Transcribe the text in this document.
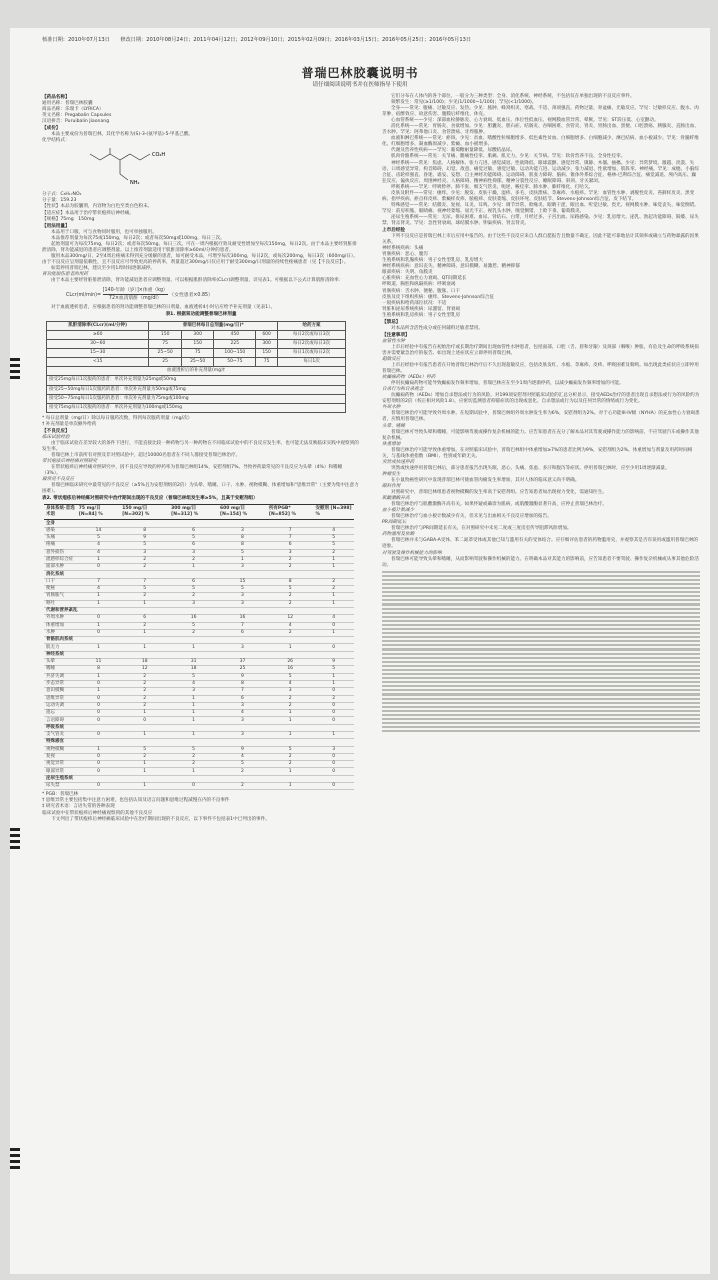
核准日期：2010年07月13日　　修改日期：2010年08月24日；2011年04月12日；2012年09月10日；2015年02月09日；2016年03月15日；2016年05月25日；2016年05月13日
普瑞巴林胶囊说明书
请仔细阅读说明书并在医师指导下使用

【药品名称】

通用名称：普瑞巴林胶囊

商品名称：乐瑞卡（LYRICA）

英文名称：Pregabalin Capsules

汉语拼音：Puruibalin Jiaonang

【成份】

本品主要成份为普瑞巴林，其化学名称为(S)-3-(氨甲基)-5-甲基己酸。

化学结构式：

NH₂
CO₂H

分子式：C₈H₁₇NO₂

分子量：159.23

【性状】本品为胶囊剂，内容物为白色至类白色粉末。

【适应症】本品用于治疗带状疱疹后神经痛。

【规格】75mg　150mg

【用法用量】

本品用于口服，可与食物同时服用，也可单独服用。

本品推荐剂量为每次75或150mg，每日2次；或者每次50mg或100mg，每日三次。

起始剂量可为每次75mg，每日2次；或者每次50mg，每日三次。可在一周内根据疗效及耐受性增加至每次150mg，每日2次。由于本品主要经肾脏排泄清除，肾功能减退的患者应调整剂量。以上推荐剂量适用于肌酐清除率≥60ml/分钟的患者。

服用本品300mg/日，2至4周后疼痛未得到充分缓解的患者，如可耐受本品，可增至每次300mg，每日2次，或每次200mg，每日3次（600mg/日）。由于不良反应呈剂量依赖性，且不良反应可导致更高的停药率，剂量超过300mg/日仅应用于耐受300mg/日剂量的持续性疼痛患者（见【不良反应】）。

如需停用普瑞巴林，建议至少用1周时间逐渐减停。

肾功能损伤患者的用药

由于本品主要经肾脏排泄清除，肾功能减退患者应调整剂量。可以根据肌酐清除率(CLcr)调整剂量，详见表1。可根据以下公式计算肌酐清除率：

CLcr(ml/min)= $\frac{\text{[140-年龄（岁）]×体重（kg）}}{\text{72×血清肌酐（mg/dl）}}$ （女性患者×0.85）

对于血液透析患者，应根据患者的肾功能调整普瑞巴林的日剂量。血液透析4小时后应给予补充剂量（见表1）。

表1. 根据肾功能调整普瑞巴林剂量

肌酐清除率(CLcr)(ml/分钟)	普瑞巴林每日总剂量(mg/日)*				给药方案
≥60	150	300	450	600	每日2次或每日3次
30~60	75	150	225	300	每日2次或每日3次
15~30	25~50	75	100~150	150	每日1次或每日2次
<15	25	25~50	50~75	75	每日1次
血液透析后的补充剂量(mg)†					
接受25mg每日1次服药的患者：单次补充剂量为25mg或50mg					
接受25~50mg每日1次服药的患者：单次补充剂量为50mg或75mg					
接受50~75mg每日1次服药的患者：单次补充剂量为75mg或100mg					
接受75mg每日1次服药的患者：单次补充剂量为100mg或150mg					

* 每日总剂量（mg/日）除以每日服药次数，得到每次服药剂量（mg/次）

† 补充剂量是单次额外给药

【不良反应】

临床试验经验

由于临床试验在差异较大的条件下进行，不能直接比较一种药物与另一种药物在不同临床试验中的不良反应发生率，也可能无法反映临床实践中观察到的发生率。

普瑞巴林上市前所有对照及非对照试验中，超过10000名患者在不同人群接受普瑞巴林治疗。

带状疱疹后神经痛对照研究

在带状疱疹后神经痛对照研究中，因不良反应导致的停药率为普瑞巴林组14%，安慰剂组7%。导致停药最常见的不良反应为头晕（4%）和嗜睡（3%）。

最常见不良反应

普瑞巴林临床研究中最常见的不良反应（≥5%且为安慰剂组的2倍）为头晕、嗜睡、口干、水肿、视物模糊、体重增加和"思维异常"（主要为集中注意力困难）。

表2. 带状疱疹后神经痛对照研究中治疗期间出现的不良反应（普瑞巴林组发生率≥5%，且高于安慰剂组）

身体系统·首选术语	75 mg/日 [N=84] %	150 mg/日 [N=302] %	300 mg/日 [N=312] %	600 mg/日 [N=154] %	所有PGB* [N=852] %	安慰剂 [N=398] %
全身						
感染	14	8	6	3	7	4
头痛	5	9	5	8	7	5
疼痛	4	5	6	8	6	5
意外损伤	4	3	3	5	3	2
流感样综合症	1	2	2	1	2	1
面部水肿	0	2	1	3	2	1
消化系统						
口干	7	7	6	15	8	2
便秘	4	5	5	5	5	2
胃肠胀气	1	2	2	3	2	1
呕吐	1	1	3	3	2	1
代谢和营养紊乱						
外周水肿	0	6	16	16	12	4
体重增加	1	2	5	7	4	0
水肿	0	1	2	6	2	1
骨骼肌肉系统						
肌无力	1	1	1	3	1	0
神经系统						
头晕	11	18	31	37	26	9
嗜睡	8	12	18	25	16	5
共济失调	1	2	5	9	5	1
步态异常	0	2	4	8	4	1
意识模糊	1	2	3	7	3	0
思维异常	0	2	1	6	2	2
运动失调	0	2	1	3	2	0
遗忘	0	1	1	4	1	0
言语障碍	0	0	1	3	1	0
呼吸系统						
支气管炎	0	1	1	3	1	1
特殊感官						
视物模糊	1	5	5	9	5	3
复视	0	2	2	4	2	0
视觉异常	0	1	2	5	2	0
眼部异常	0	1	1	2	1	0
泌尿生殖系统						
尿失禁	0	1	0	2	1	0

* PGB：普瑞巴林

† 思维异常主要包括集中注意力困难，也包括认知及语言问题和思维过程减慢在内的不良事件

‡ 研究者术语：言语失常的各种表现

临床试验中在带状疱疹后神经痛观察到的其他不良反应

下文列出了带状疱疹后神经痛临床试验中在治疗期间出现的不良反应，以下事件不包括表1中已列出的事件。

它们分布在人体内的各个部位，一般分为三种类型：全身、消化系统、神经系统，不包括仅在单独出现的不良反应事件。

频繁发生：常见(≥1/100)；少见(1/1000~1/100)；罕见(<1/1000)。

全身——常见：腹痛、过敏反应、发热。少见：脓肿、蜂窝织炎、寒战、不适、颈项强直、药物过量、骨盆痛、光敏反应。罕见：过敏样反应、腹水、肉芽肿、宿醉效应、故意伤害、腹膜后纤维化、休克。

心血管系统——少见：深部血栓静脉炎、心力衰竭、低血压、体位性低血压、视网膜血管异常、晕厥。罕见：ST段压低、心室颤动。

消化系统——常见：胃肠炎、食欲增加。少见：胆囊炎、胆石症、结肠炎、吞咽困难、食管炎、胃炎、胃肠出血、黑便、口腔溃疡、胰腺炎、直肠出血、舌水肿。罕见：阿弗他口炎、食管溃疡、牙周脓肿。

血液和淋巴系统——常见：瘀斑。少见：贫血、嗜酸性粒细胞增多、低色素性贫血、白细胞增多、白细胞减少、淋巴结病、血小板减少。罕见：骨髓纤维化、红细胞增多、凝血酶原减少、紫癜、血小板增多。

代谢及营养性疾病——罕见：葡萄糖耐量降低、尿酸结晶尿。

肌肉骨骼系统——常见：关节痛、腿痛性痉挛、肌痛、肌无力。少见：关节病。罕见：软骨营养不良、全身性痉挛。

神经系统——常见：焦虑、人格解体、张力亢进、感觉减退、性欲降低、眼球震颤、感觉异常、镇静、木僵、抽搐。少见：异常梦境、激越、淡漠、失语、口周感觉异常、构音障碍、幻觉、敌意、痛觉过敏、感觉过敏、运动功能亢进、运动减少、张力减退、性欲增加、肌阵挛、神经痛。罕见：成瘾、小脑综合征、齿轮样强直、昏迷、谵妄、妄想、自主神经功能障碍、运动障碍、肌张力障碍、脑病、锥体外系综合征、格林-巴利综合征、痛觉减退、颅内高压、躁狂反应、偏执反应、周围神经炎、人格障碍、精神病性抑郁、精神分裂性反应、睡眠障碍、斜颈、牙关紧闭。

呼吸系统——罕见：呼吸暂停、肺不张、细支气管炎、呃逆、喉痉挛、肺水肿、肺纤维化、打哈欠。

皮肤及附件——常见：瘙痒。少见：脱发、皮肤干燥、湿疹、多毛、皮肤溃疡、荨麻疹、水疱疹。罕见：血管性水肿、剥脱性皮炎、苔藓样皮炎、黑变病、指甲疾病、瘀点样皮疹、紫癜样皮疹、脓疱疹、皮肤萎缩、皮肤坏死、皮肤结节、Stevens-Johnson综合征、皮下结节。

特殊感觉——常见：结膜炎、复视、耳炎、耳鸣。少见：调节异常、睑缘炎、眼睛干涩、眼出血、听觉过敏、畏光、视网膜水肿、味觉丧失、味觉倒错。罕见：前房积脓、眼睛痛、视神经萎缩、屈光不正、视乳头水肿、嗅觉倒错、上睑下垂、葡萄膜炎。

泌尿生殖系统——常见：无尿、排尿困难、血尿、肾结石、白带、月经过多、子宫出血、尿路感染。少见：乳房增大、泌乳、勃起功能障碍、阳痿、尿失禁、肾盂肾炎。罕见：急性肾衰竭、球结膜水肿、卵巢疾病、肾盂肾炎。

上市后经验

下列不良反应是普瑞巴林上市后应用中报告的。由于这些不良反应来自人群自愿报告且数量不确定，因此不能可靠地估计其频率或确立与药物暴露的因果关系。

神经系统疾病：头痛

胃肠疾病：恶心、腹泻

生殖系统和乳腺疾病：男子女性型乳房、乳房增大

神经系统疾病：意识丧失、精神障碍、意识模糊、易激惹、精神抑郁

眼部疾病：失明、角膜炎

心脏疾病：充血性心力衰竭、QT间期延长

呼吸道、胸腔和纵隔疾病：呼吸衰竭

胃肠疾病：舌水肿、便秘、腹胀、口干

皮肤及皮下组织疾病：瘙痒、Stevens-Johnson综合征

一般疾病和给药部位状况：不适

肾脏和泌尿系统疾病：尿潴留、肾衰竭

生殖系统和乳房疾病：男子女性型乳房

【禁忌】

对本品所含活性成分或任何辅料过敏者禁用。

【注意事项】

血管性水肿

上市后经验中有报告在初始治疗或长期治疗期间出现血管性水肿患者，包括面部、口腔（舌、唇和牙龈）及颈部（咽喉）肿胀，有危及生命的呼吸系统损害并需要紧急治疗的报告。如出现上述症状应立即停用普瑞巴林。

超敏反应

上市后经验中有报告患者在开始普瑞巴林治疗后不久出现超敏反应，包括皮肤发红、水疱、荨麻疹、皮疹、呼吸困难及喘鸣。如出现此类症状应立即停用普瑞巴林。

抗癫痫药物（AEDs）停药

停用抗癫痫药物可能导致癫痫发作频率增加，普瑞巴林应在至少1周内逐渐停药，以减少癫痫发作频率增加的可能。

自杀行为和自杀观念

抗癫痫药物（AEDs）增加自杀想法或行为的风险。对199项安慰剂对照临床试验的汇总分析显示，接受AEDs治疗的患者出现自杀想法或行为的风险约为安慰剂组的2倍（校正相对风险1.8）。应密切监测患者抑郁症状的出现或恶化、自杀想法或行为以及任何异常的情绪或行为变化。

外周水肿

普瑞巴林治疗可能导致外周水肿。在短期试验中，普瑞巴林组外周水肿发生率为6%，安慰剂组为2%。对于心功能III-IV级（NYHA）的充血性心力衰竭患者，应慎用普瑞巴林。

头晕、嗜睡

普瑞巴林可导致头晕和嗜睡，可能影响驾驶或操作复杂机械的能力。应告知患者在充分了解本品对其驾驶或操作能力的影响前，不应驾驶汽车或操作其他复杂机械。

体重增加

普瑞巴林治疗可能导致体重增加。在对照临床试验中，普瑞巴林组中体重增加≥7%的患者比例为9%，安慰剂组为2%。体重增加与剂量及用药时间相关，与基线体重指数（BMI）、性别或年龄无关。

突然或快速停药

突然或快速停用普瑞巴林后，部分患者报告出现失眠、恶心、头痛、焦虑、多汗和腹泻等症状。停用普瑞巴林时，应至少用1周逐渐减量。

肿瘤发生

在小鼠致癌性研究中发现普瑞巴林可使血管肉瘤发生率增加，其对人体的临床意义尚不明确。

眼科作用

对照研究中，普瑞巴林组患者视物模糊的发生率高于安慰剂组。应告知患者如出现视力变化，需通知医生。

肌酸激酶升高

普瑞巴林治疗与肌酸激酶升高有关。如果怀疑或确诊为肌病，或肌酸激酶显著升高，应停止普瑞巴林治疗。

血小板计数减少

普瑞巴林治疗与血小板计数减少有关，但未见与出血相关不良反应增加的报告。

PR间期延长

普瑞巴林治疗与PR间期延长有关。在对照研究中未见二度或三度房室传导阻滞风险增加。

药物滥用及依赖

普瑞巴林并未与GABA-A受体、苯二氮䓬受体或其他已知与滥用有关的受体结合。应仔细评估患者的药物滥用史，并观察其是否有误用或滥用普瑞巴林的迹象。

对驾驶及操作机械能力的影响

普瑞巴林可能导致头晕和嗜睡，从而影响驾驶和操作机械的能力。在明确本品对其能力的影响前，应告知患者不要驾驶、操作复杂机械或从事其他危险活动。
